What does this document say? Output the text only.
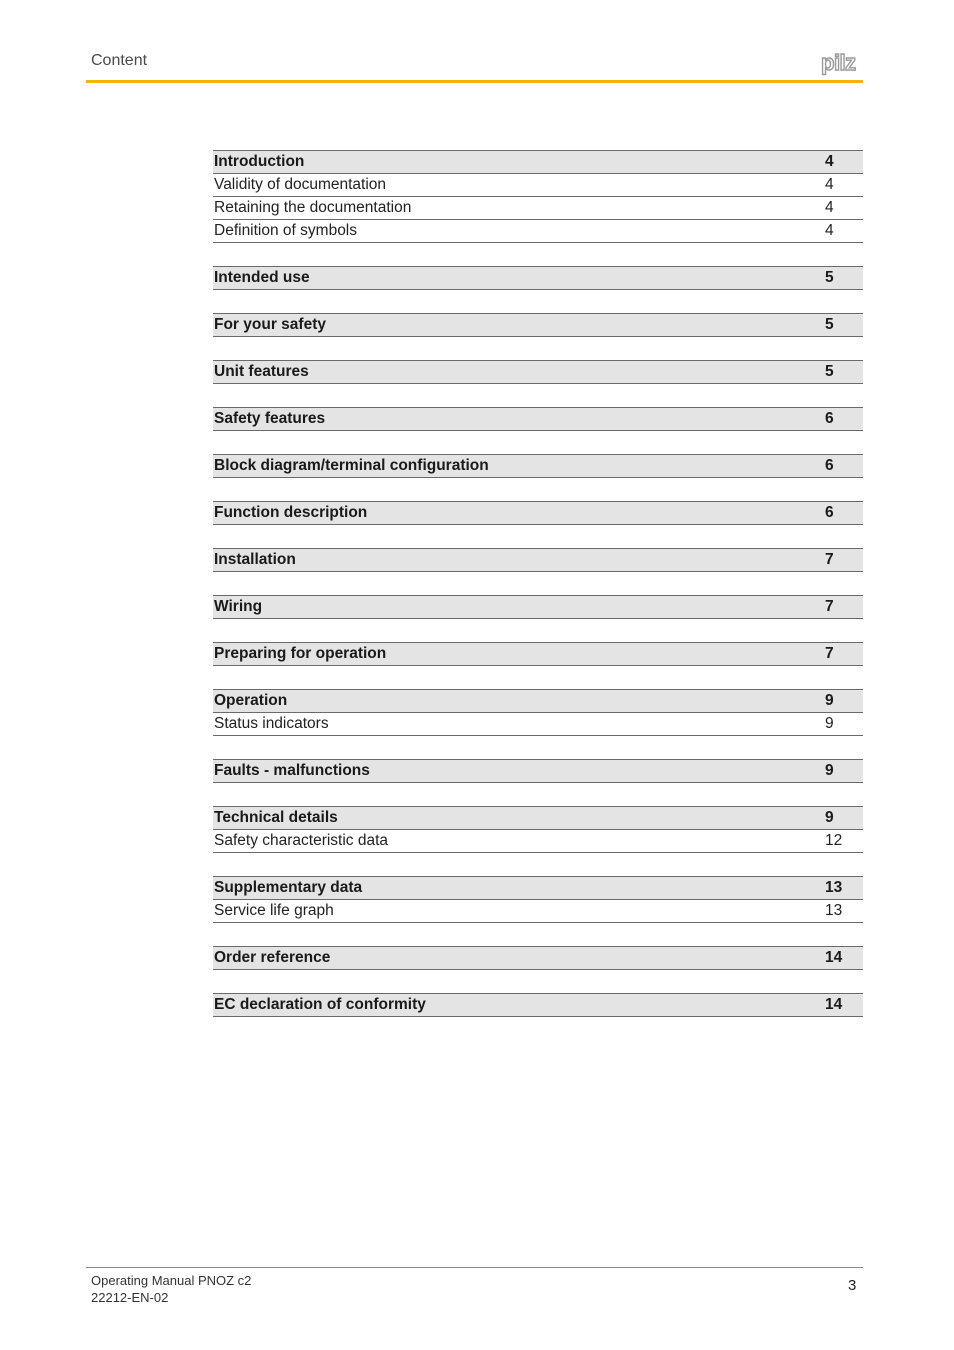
Content	pilz
Introduction	4
Validity of documentation	4
Retaining the documentation	4
Definition of symbols	4
Intended use	5
For your safety	5
Unit features	5
Safety features	6
Block diagram/terminal configuration	6
Function description	6
Installation	7
Wiring	7
Preparing for operation	7
Operation	9
Status indicators	9
Faults - malfunctions	9
Technical details	9
Safety characteristic data	12
Supplementary data	13
Service life graph	13
Order reference	14
EC declaration of conformity	14
Operating Manual PNOZ c2
22212-EN-02
3
